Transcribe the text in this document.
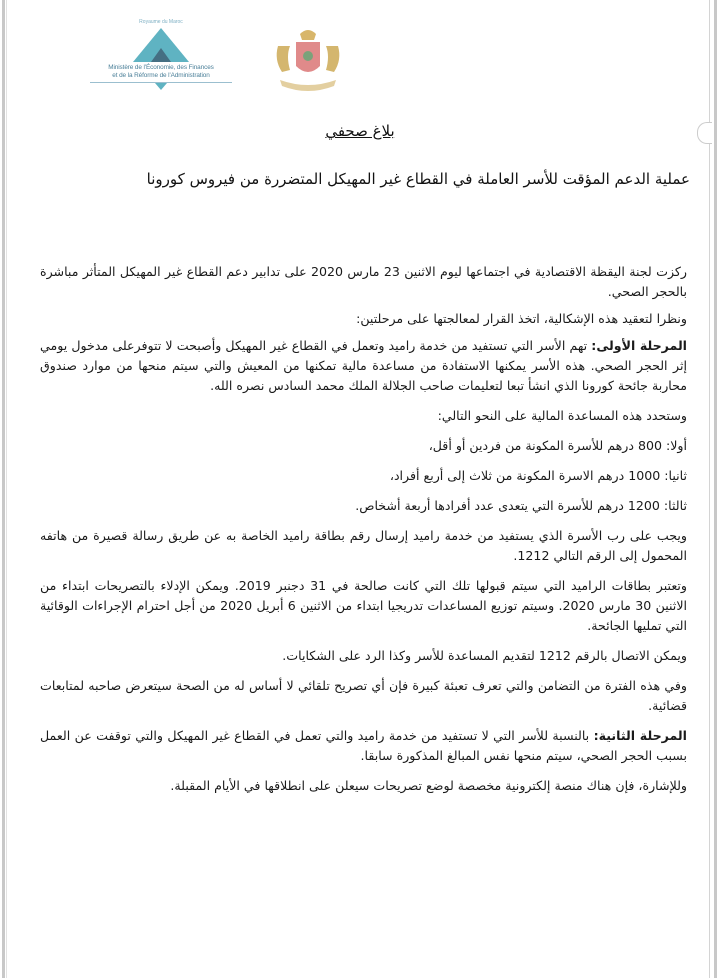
Royaume du Maroc
Ministère de l'Économie, des Finances
et de la Réforme de l'Administration
بلاغ صحفي
عملية الدعم المؤقت للأسر العاملة في القطاع غير المهيكل المتضررة من فيروس كورونا

ركزت لجنة اليقظة الاقتصادية في اجتماعها ليوم الاثنين 23 مارس 2020 على تدابير دعم القطاع غير المهيكل المتأثر مباشرة بالحجر الصحي.

ونظرا لتعقيد هذه الإشكالية، اتخذ القرار لمعالجتها على مرحلتين:

المرحلة الأولى: تهم الأسر التي تستفيد من خدمة راميد وتعمل في القطاع غير المهيكل وأصبحت لا تتوفرعلى مدخول يومي إثر الحجر الصحي. هذه الأسر يمكنها الاستفادة من مساعدة مالية تمكنها من المعيش والتي سيتم منحها من موارد صندوق محاربة جائحة كورونا الذي انشأ تبعا لتعليمات صاحب الجلالة الملك محمد السادس نصره الله.

وستحدد هذه المساعدة المالية على النحو التالي:

أولا: 800 درهم للأسرة المكونة من فردين أو أقل،

ثانيا: 1000 درهم الاسرة المكونة من ثلاث إلى أربع أفراد،

ثالثا: 1200 درهم للأسرة التي يتعدى عدد أفرادها أربعة أشخاص.

ويجب على رب الأسرة الذي يستفيد من خدمة راميد إرسال رقم بطاقة راميد الخاصة به عن طريق رسالة قصيرة من هاتفه المحمول إلى الرقم التالي 1212.

وتعتبر بطاقات الراميد التي سيتم قبولها تلك التي كانت صالحة في 31 دجنبر 2019. ويمكن الإدلاء بالتصريحات ابتداء من الاثنين 30 مارس 2020. وسيتم توزيع المساعدات تدريجيا ابتداء من الاثنين 6 أبريل 2020 من أجل احترام الإجراءات الوقائية التي تمليها الجائحة.

ويمكن الاتصال بالرقم 1212 لتقديم المساعدة للأسر وكذا الرد على الشكايات.

وفي هذه الفترة من التضامن والتي تعرف تعبئة كبيرة فإن أي تصريح تلقائي لا أساس له من الصحة سيتعرض صاحبه لمتابعات قضائية.

المرحلة الثانية: بالنسبة للأسر التي لا تستفيد من خدمة راميد والتي تعمل في القطاع غير المهيكل والتي توقفت عن العمل بسبب الحجر الصحي، سيتم منحها نفس المبالغ المذكورة سابقا.

وللإشارة، فإن هناك منصة إلكترونية مخصصة لوضع تصريحات سيعلن على انطلاقها في الأيام المقبلة.
